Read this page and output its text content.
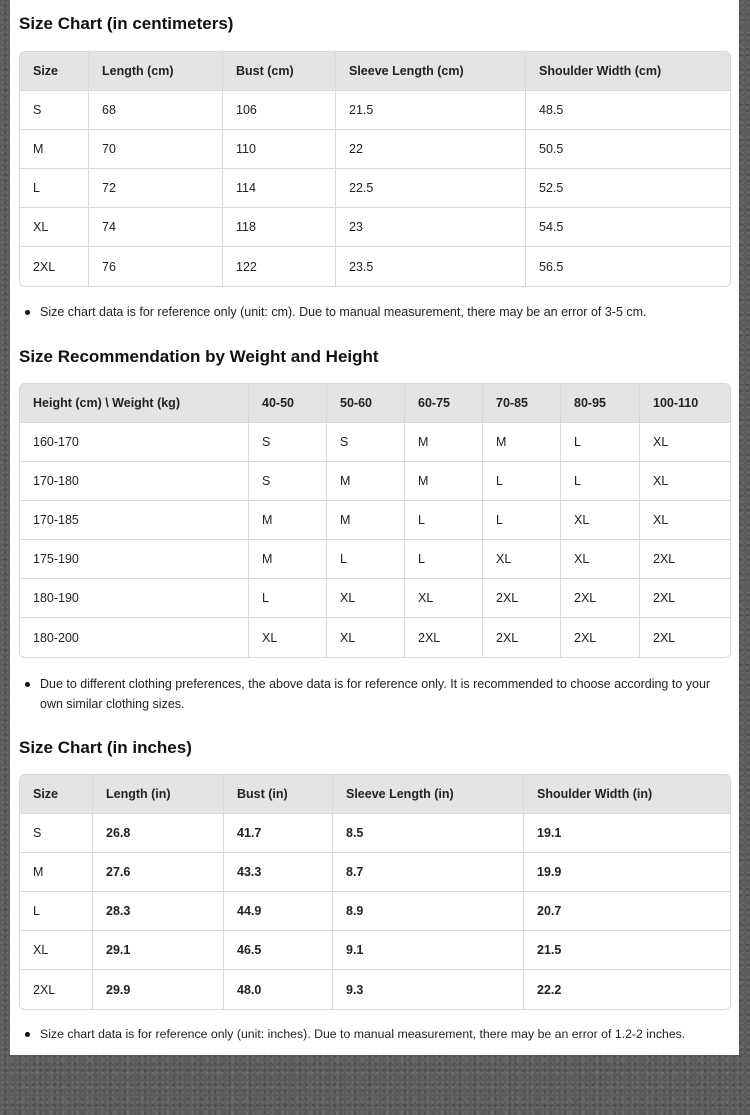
Size Chart (in centimeters)
Size	Length (cm)	Bust (cm)	Sleeve Length (cm)	Shoulder Width (cm)
S	68	106	21.5	48.5
M	70	110	22	50.5
L	72	114	22.5	52.5
XL	74	118	23	54.5
2XL	76	122	23.5	56.5

Size chart data is for reference only (unit: cm). Due to manual measurement, there may be an error of 3-5 cm.

Size Recommendation by Weight and Height
Height (cm) \ Weight (kg)	40-50	50-60	60-75	70-85	80-95	100-110
160-170	S	S	M	M	L	XL
170-180	S	M	M	L	L	XL
170-185	M	M	L	L	XL	XL
175-190	M	L	L	XL	XL	2XL
180-190	L	XL	XL	2XL	2XL	2XL
180-200	XL	XL	2XL	2XL	2XL	2XL

Due to different clothing preferences, the above data is for reference only. It is recommended to choose according to your own similar clothing sizes.

Size Chart (in inches)
Size	Length (in)	Bust (in)	Sleeve Length (in)	Shoulder Width (in)
S	26.8	41.7	8.5	19.1
M	27.6	43.3	8.7	19.9
L	28.3	44.9	8.9	20.7
XL	29.1	46.5	9.1	21.5
2XL	29.9	48.0	9.3	22.2

Size chart data is for reference only (unit: inches). Due to manual measurement, there may be an error of 1.2-2 inches.
